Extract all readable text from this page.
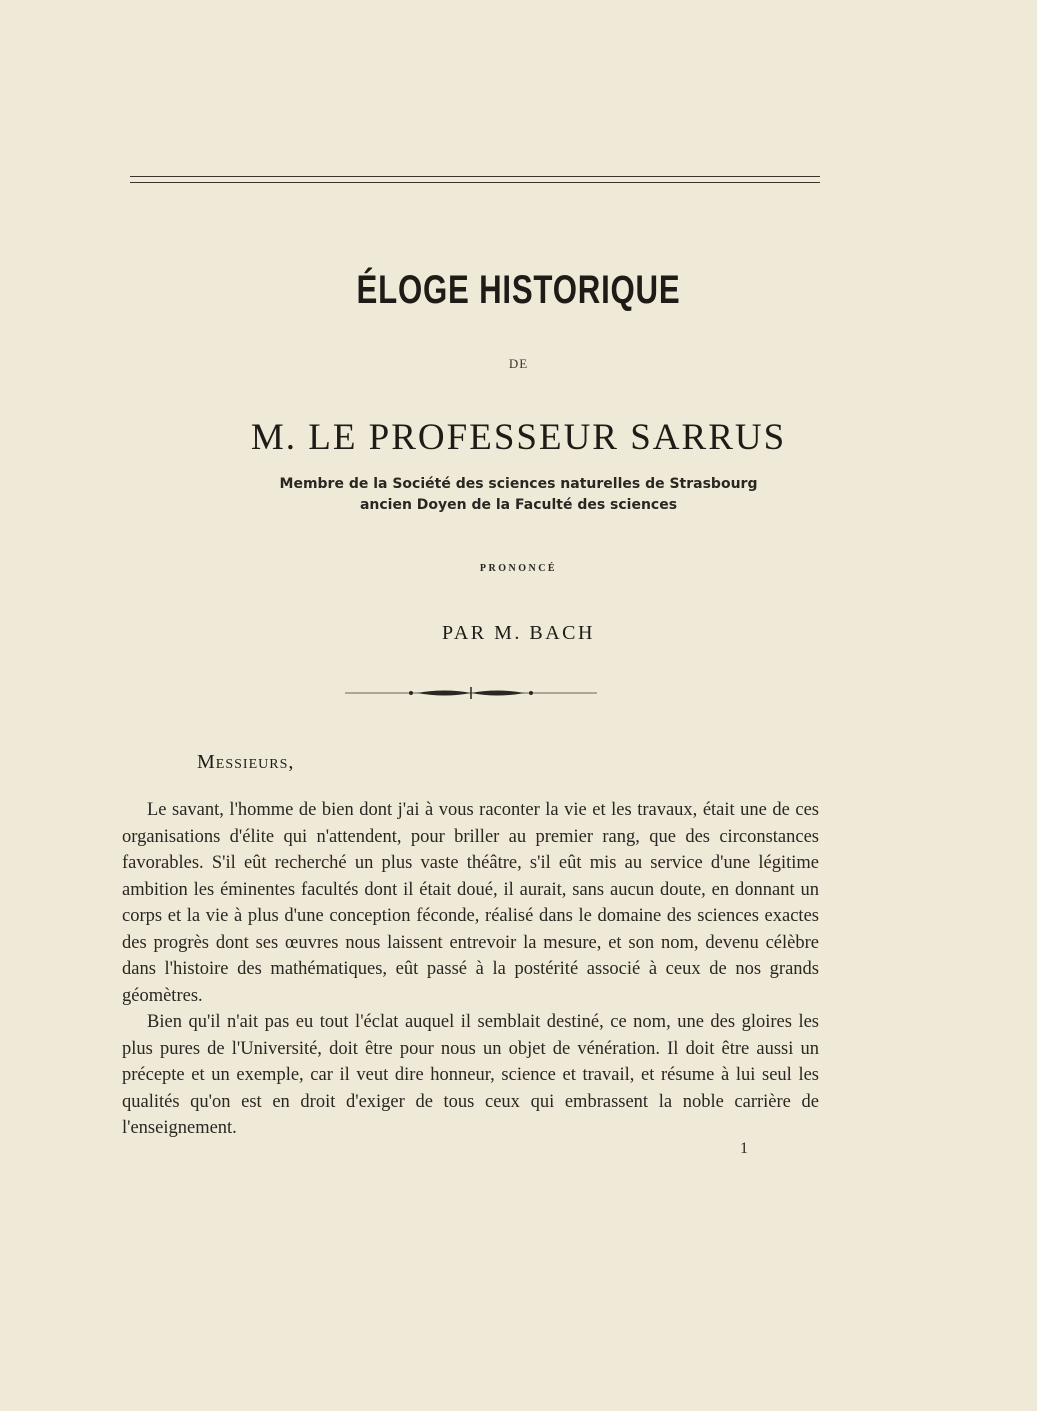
ÉLOGE HISTORIQUE
DE
M. LE PROFESSEUR SARRUS
Membre de la Société des sciences naturelles de Strasbourg
ancien Doyen de la Faculté des sciences
PRONONCÉ
PAR M. BACH
Messieurs,

Le savant, l'homme de bien dont j'ai à vous raconter la vie et les travaux, était une de ces organisations d'élite qui n'attendent, pour briller au premier rang, que des circonstances favorables. S'il eût recherché un plus vaste théâtre, s'il eût mis au service d'une légitime ambition les éminentes facultés dont il était doué, il aurait, sans aucun doute, en donnant un corps et la vie à plus d'une conception féconde, réalisé dans le domaine des sciences exactes des progrès dont ses œuvres nous laissent entrevoir la mesure, et son nom, devenu célèbre dans l'histoire des mathématiques, eût passé à la postérité associé à ceux de nos grands géomètres.

Bien qu'il n'ait pas eu tout l'éclat auquel il semblait destiné, ce nom, une des gloires les plus pures de l'Université, doit être pour nous un objet de vénération. Il doit être aussi un précepte et un exemple, car il veut dire honneur, science et travail, et résume à lui seul les qualités qu'on est en droit d'exiger de tous ceux qui embrassent la noble carrière de l'enseignement.

1
